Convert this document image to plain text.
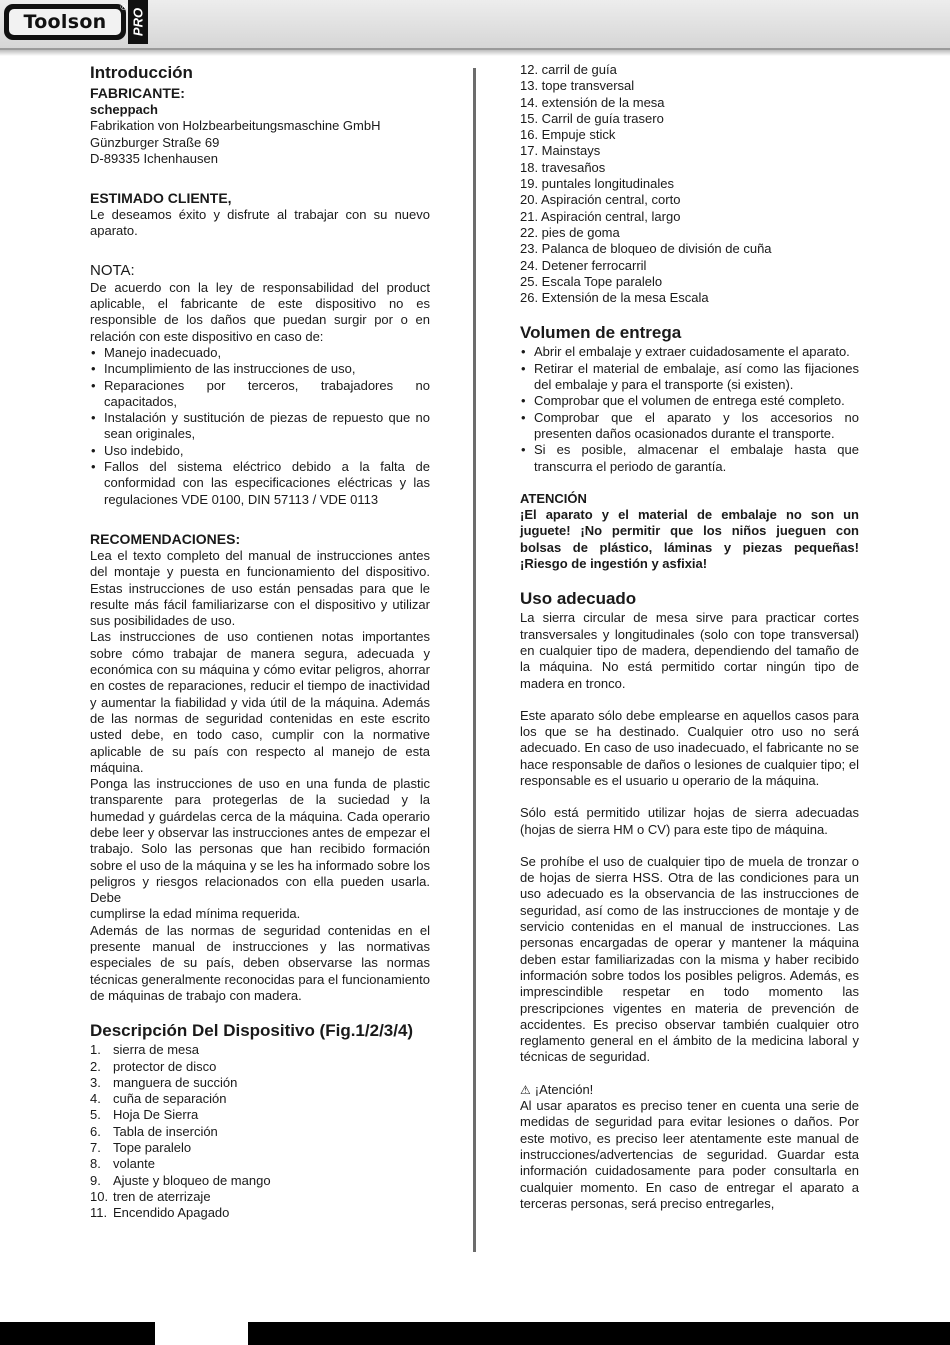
Toolson
®
PRO
Introducción
FABRICANTE:

scheppach

Fabrikation von Holzbearbeitungsmaschine GmbH

Günzburger Straße 69

D-89335 Ichenhausen

ESTIMADO CLIENTE,

Le deseamos éxito y disfrute al trabajar con su nuevo aparato.

NOTA:

De acuerdo con la ley de responsabilidad del product aplicable, el fabricante de este dispositivo no es responsible de los daños que puedan surgir por o en relación con este dispositivo en caso de:

• Manejo inadecuado,
• Incumplimiento de las instrucciones de uso,
• Reparaciones por terceros, trabajadores no capacitados,
• Instalación y sustitución de piezas de repuesto que no sean originales,
• Uso indebido,
• Fallos del sistema eléctrico debido a la falta de conformidad con las especificaciones eléctricas y las regulaciones VDE 0100, DIN 57113 / VDE 0113
RECOMENDACIONES:

Lea el texto completo del manual de instrucciones antes del montaje y puesta en funcionamiento del dispositivo. Estas instrucciones de uso están pensadas para que le resulte más fácil familiarizarse con el dispositivo y utilizar sus posibilidades de uso.

Las instrucciones de uso contienen notas importantes sobre cómo trabajar de manera segura, adecuada y económica con su máquina y cómo evitar peligros, ahorrar en costes de reparaciones, reducir el tiempo de inactividad y aumentar la fiabilidad y vida útil de la máquina. Además de las normas de seguridad contenidas en este escrito usted debe, en todo caso, cumplir con la normative aplicable de su país con respecto al manejo de esta máquina.

Ponga las instrucciones de uso en una funda de plastic transparente para protegerlas de la suciedad y la humedad y guárdelas cerca de la máquina. Cada operario debe leer y observar las instrucciones antes de empezar el trabajo. Solo las personas que han recibido formación sobre el uso de la máquina y se les ha informado sobre los peligros y riesgos relacionados con ella pueden usarla. Debe

cumplirse la edad mínima requerida.

Además de las normas de seguridad contenidas en el presente manual de instrucciones y las normativas especiales de su país, deben observarse las normas técnicas generalmente reconocidas para el funcionamiento de máquinas de trabajo con madera.

Descripción Del Dispositivo (Fig.1/2/3/4)
1. sierra de mesa
2. protector de disco
3. manguera de succión
4. cuña de separación
5. Hoja De Sierra
6. Tabla de inserción
7. Tope paralelo
8. volante
9. Ajuste y bloqueo de mango
10. tren de aterrizaje
11. Encendido Apagado
12. carril de guía
13. tope transversal
14. extensión de la mesa
15. Carril de guía trasero
16. Empuje stick
17. Mainstays
18. travesaños
19. puntales longitudinales
20. Aspiración central, corto
21. Aspiración central, largo
22. pies de goma
23. Palanca de bloqueo de división de cuña
24. Detener ferrocarril
25. Escala Tope paralelo
26. Extensión de la mesa Escala
Volumen de entrega
• Abrir el embalaje y extraer cuidadosamente el aparato.
• Retirar el material de embalaje, así como las fijaciones del embalaje y para el transporte (si existen).
• Comprobar que el volumen de entrega esté completo.
• Comprobar que el aparato y los accesorios no presenten daños ocasionados durante el transporte.
• Si es posible, almacenar el embalaje hasta que transcurra el periodo de garantía.

ATENCIÓN

¡El aparato y el material de embalaje no son un juguete! ¡No permitir que los niños jueguen con bolsas de plástico, láminas y piezas pequeñas! ¡Riesgo de ingestión y asfixia!

Uso adecuado

La sierra circular de mesa sirve para practicar cortes transversales y longitudinales (solo con tope transversal) en cualquier tipo de madera, dependiendo del tamaño de la máquina. No está permitido cortar ningún tipo de madera en tronco.

Este aparato sólo debe emplearse en aquellos casos para los que se ha destinado. Cualquier otro uso no será adecuado. En caso de uso inadecuado, el fabricante no se hace responsable de daños o lesiones de cualquier tipo; el responsable es el usuario u operario de la máquina.

Sólo está permitido utilizar hojas de sierra adecuadas (hojas de sierra HM o CV) para este tipo de máquina.

Se prohíbe el uso de cualquier tipo de muela de tronzar o de hojas de sierra HSS. Otra de las condiciones para un uso adecuado es la observancia de las instrucciones de seguridad, así como de las instrucciones de montaje y de servicio contenidas en el manual de instrucciones. Las personas encargadas de operar y mantener la máquina deben estar familiarizadas con la misma y haber recibido información sobre todos los posibles peligros. Además, es imprescindible respetar en todo momento las prescripciones vigentes en materia de prevención de accidentes. Es preciso observar también cualquier otro reglamento general en el ámbito de la medicina laboral y técnicas de seguridad.

⚠ ¡Atención!

Al usar aparatos es preciso tener en cuenta una serie de medidas de seguridad para evitar lesiones o daños. Por este motivo, es preciso leer atentamente este manual de instrucciones/advertencias de seguridad. Guardar esta información cuidadosamente para poder consultarla en cualquier momento. En caso de entregar el aparato a terceras personas, será preciso entregarles,
